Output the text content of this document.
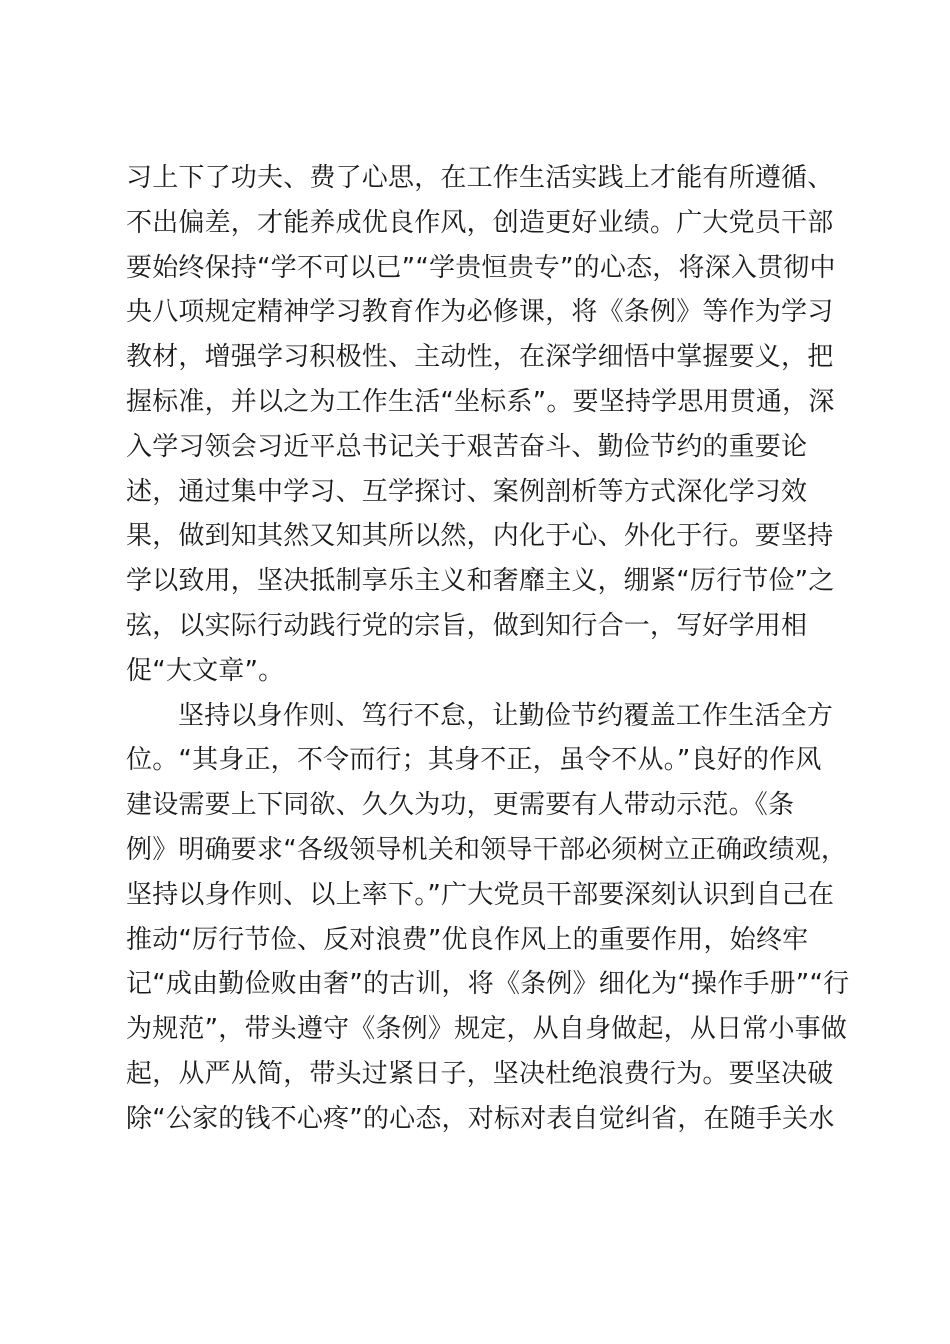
习上下了功夫、费了心思，在工作生活实践上才能有所遵循、
不出偏差，才能养成优良作风，创造更好业绩。广大党员干部
要始终保持“学不可以已”“学贵恒贵专”的心态，将深入贯彻中
央八项规定精神学习教育作为必修课，将《条例》等作为学习
教材，增强学习积极性、主动性，在深学细悟中掌握要义，把
握标准，并以之为工作生活“坐标系”。要坚持学思用贯通，深
入学习领会习近平总书记关于艰苦奋斗、勤俭节约的重要论
述，通过集中学习、互学探讨、案例剖析等方式深化学习效
果，做到知其然又知其所以然，内化于心、外化于行。要坚持
学以致用，坚决抵制享乐主义和奢靡主义，绷紧“厉行节俭”之
弦，以实际行动践行党的宗旨，做到知行合一，写好学用相
促“大文章”。
坚持以身作则、笃行不怠，让勤俭节约覆盖工作生活全方
位。“其身正，不令而行；其身不正，虽令不从。”良好的作风
建设需要上下同欲、久久为功，更需要有人带动示范。《条
例》明确要求“各级领导机关和领导干部必须树立正确政绩观，
坚持以身作则、以上率下。”广大党员干部要深刻认识到自己在
推动“厉行节俭、反对浪费”优良作风上的重要作用，始终牢
记“成由勤俭败由奢”的古训，将《条例》细化为“操作手册”“行
为规范”，带头遵守《条例》规定，从自身做起，从日常小事做
起，从严从简，带头过紧日子，坚决杜绝浪费行为。要坚决破
除“公家的钱不心疼”的心态，对标对表自觉纠省，在随手关水
